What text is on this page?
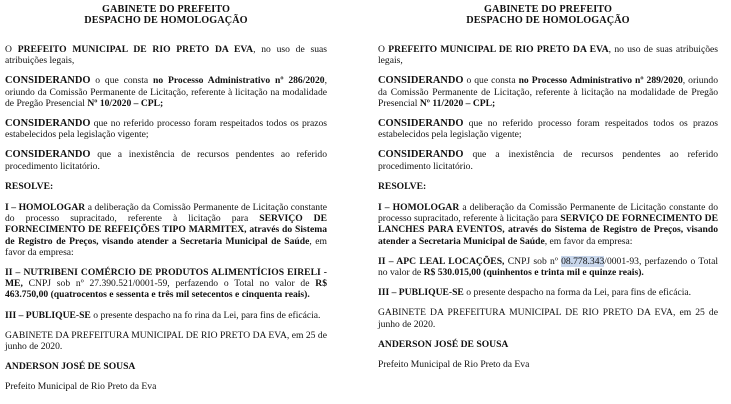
GABINETE DO PREFEITO
DESPACHO DE HOMOLOGAÇÃO

O PREFEITO MUNICIPAL DE RIO PRETO DA EVA, no uso de suas atribuições legais,

CONSIDERANDO o que consta no Processo Administrativo nº 286/2020, oriundo da Comissão Permanente de Licitação, referente à licitação na modalidade de Pregão Presencial Nº 10/2020 – CPL;

CONSIDERANDO que no referido processo foram respeitados todos os prazos estabelecidos pela legislação vigente;

CONSIDERANDO que a inexistência de recursos pendentes ao referido procedimento licitatório.

RESOLVE:

I – HOMOLOGAR a deliberação da Comissão Permanente de Licitação constante do processo supracitado, referente à licitação para SERVIÇO DE FORNECIMENTO DE REFEIÇÕES TIPO MARMITEX, através do Sistema de Registro de Preços, visando atender a Secretaria Municipal de Saúde, em favor da empresa:

II – NUTRIBENI COMÉRCIO DE PRODUTOS ALIMENTÍCIOS EIRELI - ME, CNPJ sob nº 27.390.521/0001-59, perfazendo o Total no valor de R$ 463.750,00 (quatrocentos e sessenta e três mil setecentos e cinquenta reais).

III – PUBLIQUE-SE o presente despacho na fo rina da Lei, para fins de eficácia.

GABINETE DA PREFEITURA MUNICIPAL DE RIO PRETO DA EVA, em 25 de junho de 2020.

ANDERSON JOSÉ DE SOUSA

Prefeito Municipal de Rio Preto da Eva

GABINETE DO PREFEITO
DESPACHO DE HOMOLOGAÇÃO

O PREFEITO MUNICIPAL DE RIO PRETO DA EVA, no uso de suas atribuições legais,

CONSIDERANDO o que consta no Processo Administrativo nº 289/2020, oriundo da Comissão Permanente de Licitação, referente à licitação na modalidade de Pregão Presencial Nº 11/2020 – CPL;

CONSIDERANDO que no referido processo foram respeitados todos os prazos estabelecidos pela legislação vigente;

CONSIDERANDO que a inexistência de recursos pendentes ao referido procedimento licitatório.

RESOLVE:

I – HOMOLOGAR a deliberação da Comissão Permanente de Licitação constante do processo supracitado, referente à licitação para SERVIÇO DE FORNECIMENTO DE LANCHES PARA EVENTOS, através do Sistema de Registro de Preços, visando atender a Secretaria Municipal de Saúde, em favor da empresa:

II – APC LEAL LOCAÇÕES, CNPJ sob nº 08.778.343/0001-93, perfazendo o Total no valor de R$ 530.015,00 (quinhentos e trinta mil e quinze reais).

III – PUBLIQUE-SE o presente despacho na forma da Lei, para fins de eficácia.

GABINETE DA PREFEITURA MUNICIPAL DE RIO PRETO DA EVA, em 25 de junho de 2020.

ANDERSON JOSÉ DE SOUSA

Prefeito Municipal de Rio Preto da Eva
